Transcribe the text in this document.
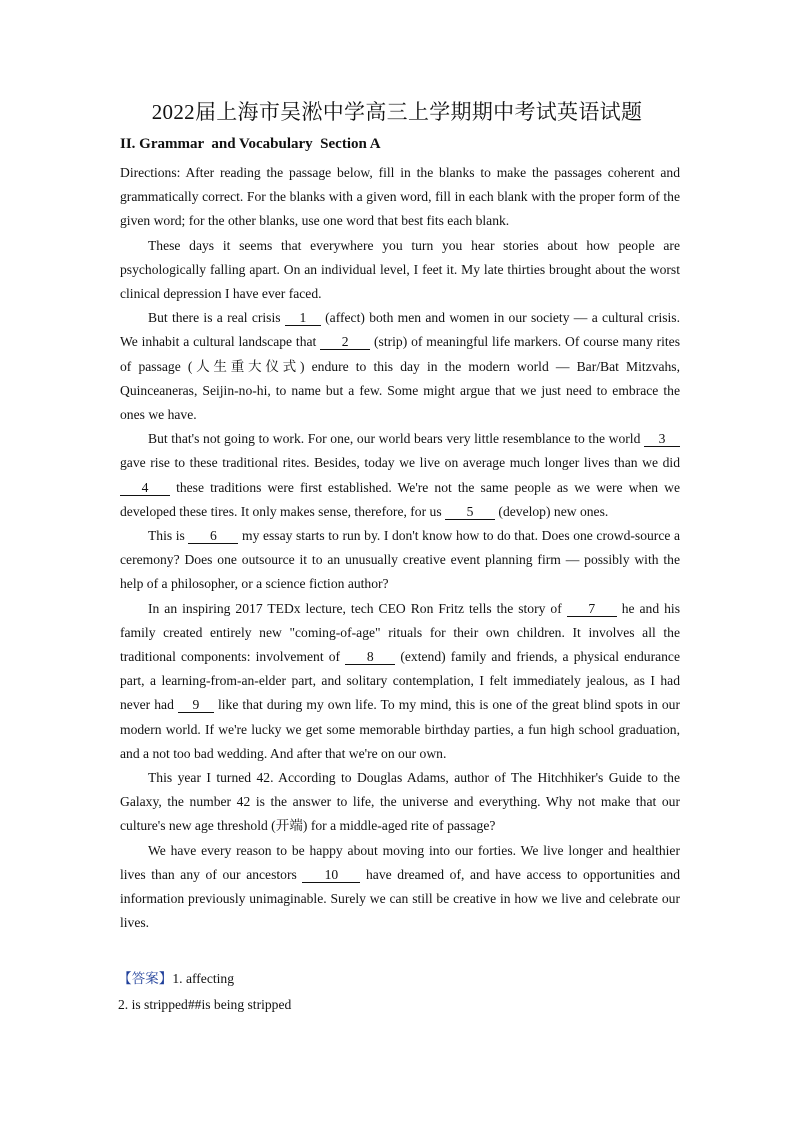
2022届上海市吴淞中学高三上学期期中考试英语试题
II. Grammar  and Vocabulary  Section A

Directions: After reading the passage below, fill in the blanks to make the passages coherent and grammatically correct. For the blanks with a given word, fill in each blank with the proper form of the given word; for the other blanks, use one word that best fits each blank.

These days it seems that everywhere you turn you hear stories about how people are psychologically falling apart. On an individual level, I feet it. My late thirties brought about the worst clinical depression I have ever faced.

But there is a real crisis 1 (affect) both men and women in our society — a cultural crisis. We inhabit a cultural landscape that 2 (strip) of meaningful life markers. Of course many rites of passage (人生重大仪式) endure to this day in the modern world — Bar/Bat Mitzvahs, Quinceaneras, Seijin-no-hi, to name but a few. Some might argue that we just need to embrace the ones we have.

But that's not going to work. For one, our world bears very little resemblance to the world 3 gave rise to these traditional rites. Besides, today we live on average much longer lives than we did 4 these traditions were first established. We're not the same people as we were when we developed these tires. It only makes sense, therefore, for us 5 (develop) new ones.

This is 6 my essay starts to run by. I don't know how to do that. Does one crowd-source a ceremony? Does one outsource it to an unusually creative event planning firm — possibly with the help of a philosopher, or a science fiction author?

In an inspiring 2017 TEDx lecture, tech CEO Ron Fritz tells the story of 7 he and his family created entirely new "coming-of-age" rituals for their own children. It involves all the traditional components: involvement of 8 (extend) family and friends, a physical endurance part, a learning-from-an-elder part, and solitary contemplation, I felt immediately jealous, as I had never had 9 like that during my own life. To my mind, this is one of the great blind spots in our modern world. If we're lucky we get some memorable birthday parties, a fun high school graduation, and a not too bad wedding. And after that we're on our own.

This year I turned 42. According to Douglas Adams, author of The Hitchhiker's Guide to the Galaxy, the number 42 is the answer to life, the universe and everything. Why not make that our culture's new age threshold (开端) for a middle-aged rite of passage?

We have every reason to be happy about moving into our forties. We live longer and healthier lives than any of our ancestors 10 have dreamed of, and have access to opportunities and information previously unimaginable. Surely we can still be creative in how we live and celebrate our lives.

【答案】1. affecting
2. is stripped##is being stripped
